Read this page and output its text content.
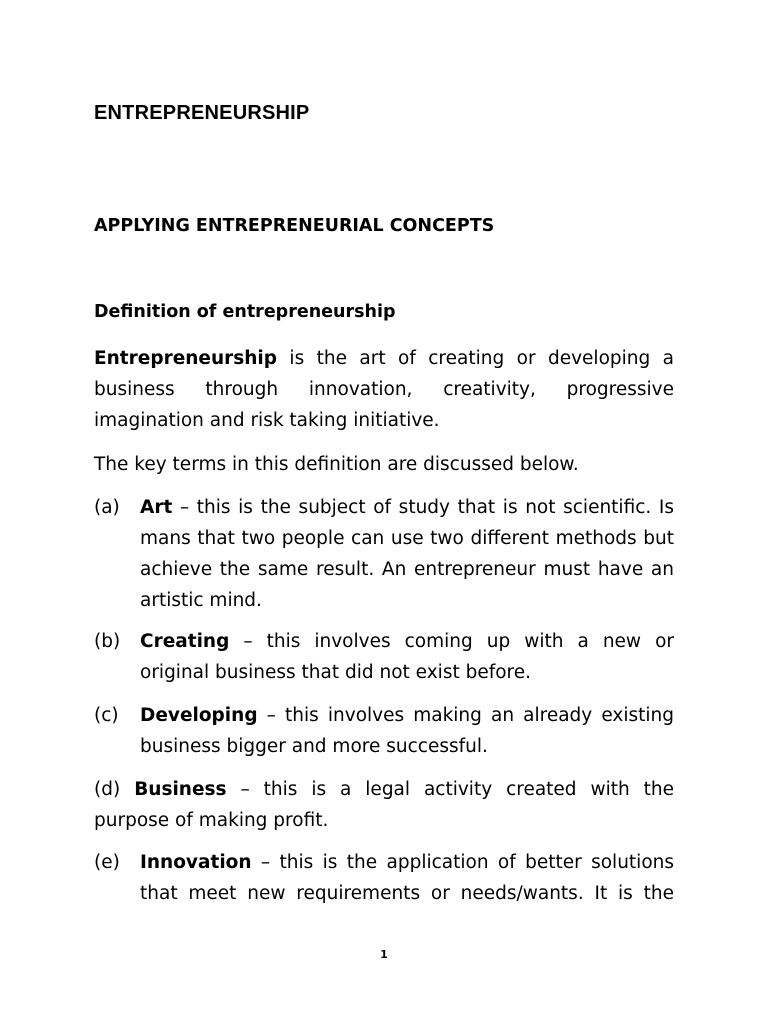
ENTREPRENEURSHIP
APPLYING ENTREPRENEURIAL CONCEPTS
Definition of entrepreneurship

Entrepreneurship is the art of creating or developing a business through innovation, creativity, progressive imagination and risk taking initiative.

The key terms in this definition are discussed below.

(a)	Art – this is the subject of study that is not scientific. Is mans that two people can use two different methods but achieve the same result. An entrepreneur must have an artistic mind.
(b)	Creating – this involves coming up with a new or original business that did not exist before.
(c)	Developing – this involves making an already existing business bigger and more successful.

(d) Business – this is a legal activity created with the purpose of making profit.

(e)	Innovation – this is the application of better solutions that meet new requirements or needs/wants. It is the
1
